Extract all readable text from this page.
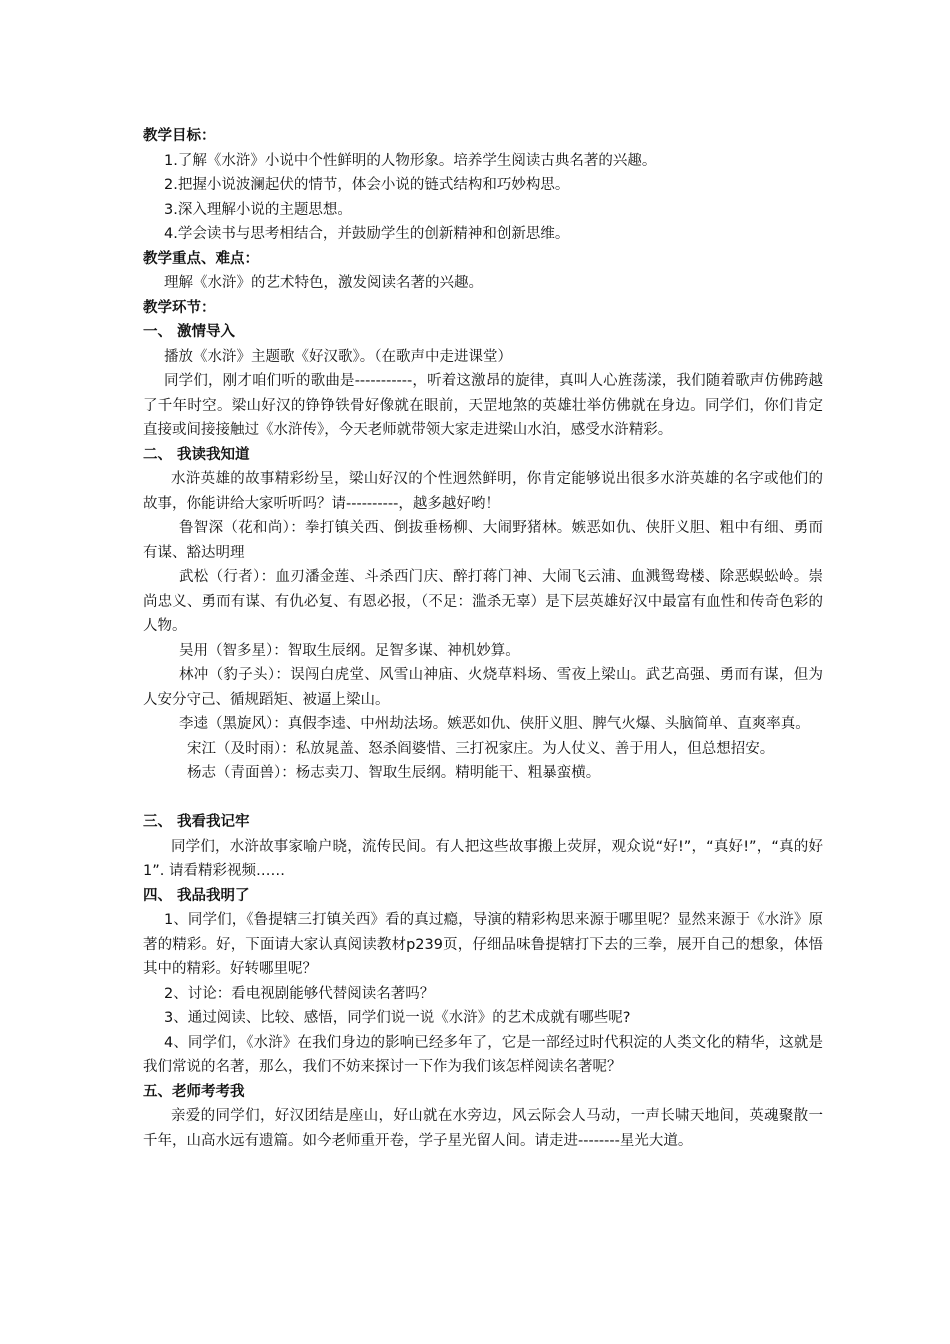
教学目标：
1.了解《水浒》小说中个性鲜明的人物形象。培养学生阅读古典名著的兴趣。
2.把握小说波澜起伏的情节，体会小说的链式结构和巧妙构思。
3.深入理解小说的主题思想。
4.学会读书与思考相结合，并鼓励学生的创新精神和创新思维。
教学重点、难点：
理解《水浒》的艺术特色，激发阅读名著的兴趣。
教学环节：
一、 激情导入
播放《水浒》主题歌《好汉歌》。（在歌声中走进课堂）
同学们，刚才咱们听的歌曲是-----------，听着这激昂的旋律，真叫人心旌荡漾，我们随着歌声仿佛跨越了千年时空。梁山好汉的铮铮铁骨好像就在眼前，天罡地煞的英雄壮举仿佛就在身边。同学们，你们肯定直接或间接接触过《水浒传》，今天老师就带领大家走进梁山水泊，感受水浒精彩。
二、 我读我知道
水浒英雄的故事精彩纷呈，梁山好汉的个性迥然鲜明，你肯定能够说出很多水浒英雄的名字或他们的故事，你能讲给大家听听吗？请----------，越多越好哟！
鲁智深（花和尚）：拳打镇关西、倒拔垂杨柳、大闹野猪林。嫉恶如仇、侠肝义胆、粗中有细、勇而有谋、豁达明理
武松（行者）：血刃潘金莲、斗杀西门庆、醉打蒋门神、大闹飞云浦、血溅鸳鸯楼、除恶蜈蚣岭。崇尚忠义、勇而有谋、有仇必复、有恩必报，（不足：滥杀无辜）是下层英雄好汉中最富有血性和传奇色彩的人物。
吴用（智多星）：智取生辰纲。足智多谋、神机妙算。
林冲（豹子头）：误闯白虎堂、风雪山神庙、火烧草料场、雪夜上梁山。武艺高强、勇而有谋，但为人安分守己、循规蹈矩、被逼上梁山。
李逵（黑旋风）：真假李逵、中州劫法场。嫉恶如仇、侠肝义胆、脾气火爆、头脑简单、直爽率真。
宋江（及时雨）：私放晁盖、怒杀阎婆惜、三打祝家庄。为人仗义、善于用人，但总想招安。
杨志（青面兽）：杨志卖刀、智取生辰纲。精明能干、粗暴蛮横。
三、 我看我记牢
同学们，水浒故事家喻户晓，流传民间。有人把这些故事搬上荧屏，观众说“好!”，“真好!”，“真的好1”. 请看精彩视频……
四、 我品我明了
1、同学们，《鲁提辖三打镇关西》看的真过瘾，导演的精彩构思来源于哪里呢？显然来源于《水浒》原著的精彩。好，下面请大家认真阅读教材p239页，仔细品味鲁提辖打下去的三拳，展开自己的想象，体悟其中的精彩。好转哪里呢？
2、讨论：看电视剧能够代替阅读名著吗？
3、通过阅读、比较、感悟，同学们说一说《水浒》的艺术成就有哪些呢?
4、同学们，《水浒》在我们身边的影响已经多年了，它是一部经过时代积淀的人类文化的精华，这就是我们常说的名著，那么，我们不妨来探讨一下作为我们该怎样阅读名著呢？
五、老师考考我
亲爱的同学们，好汉团结是座山，好山就在水旁边，风云际会人马动，一声长啸天地间，英魂聚散一千年，山高水远有遗篇。如今老师重开卷，学子星光留人间。请走进--------星光大道。
